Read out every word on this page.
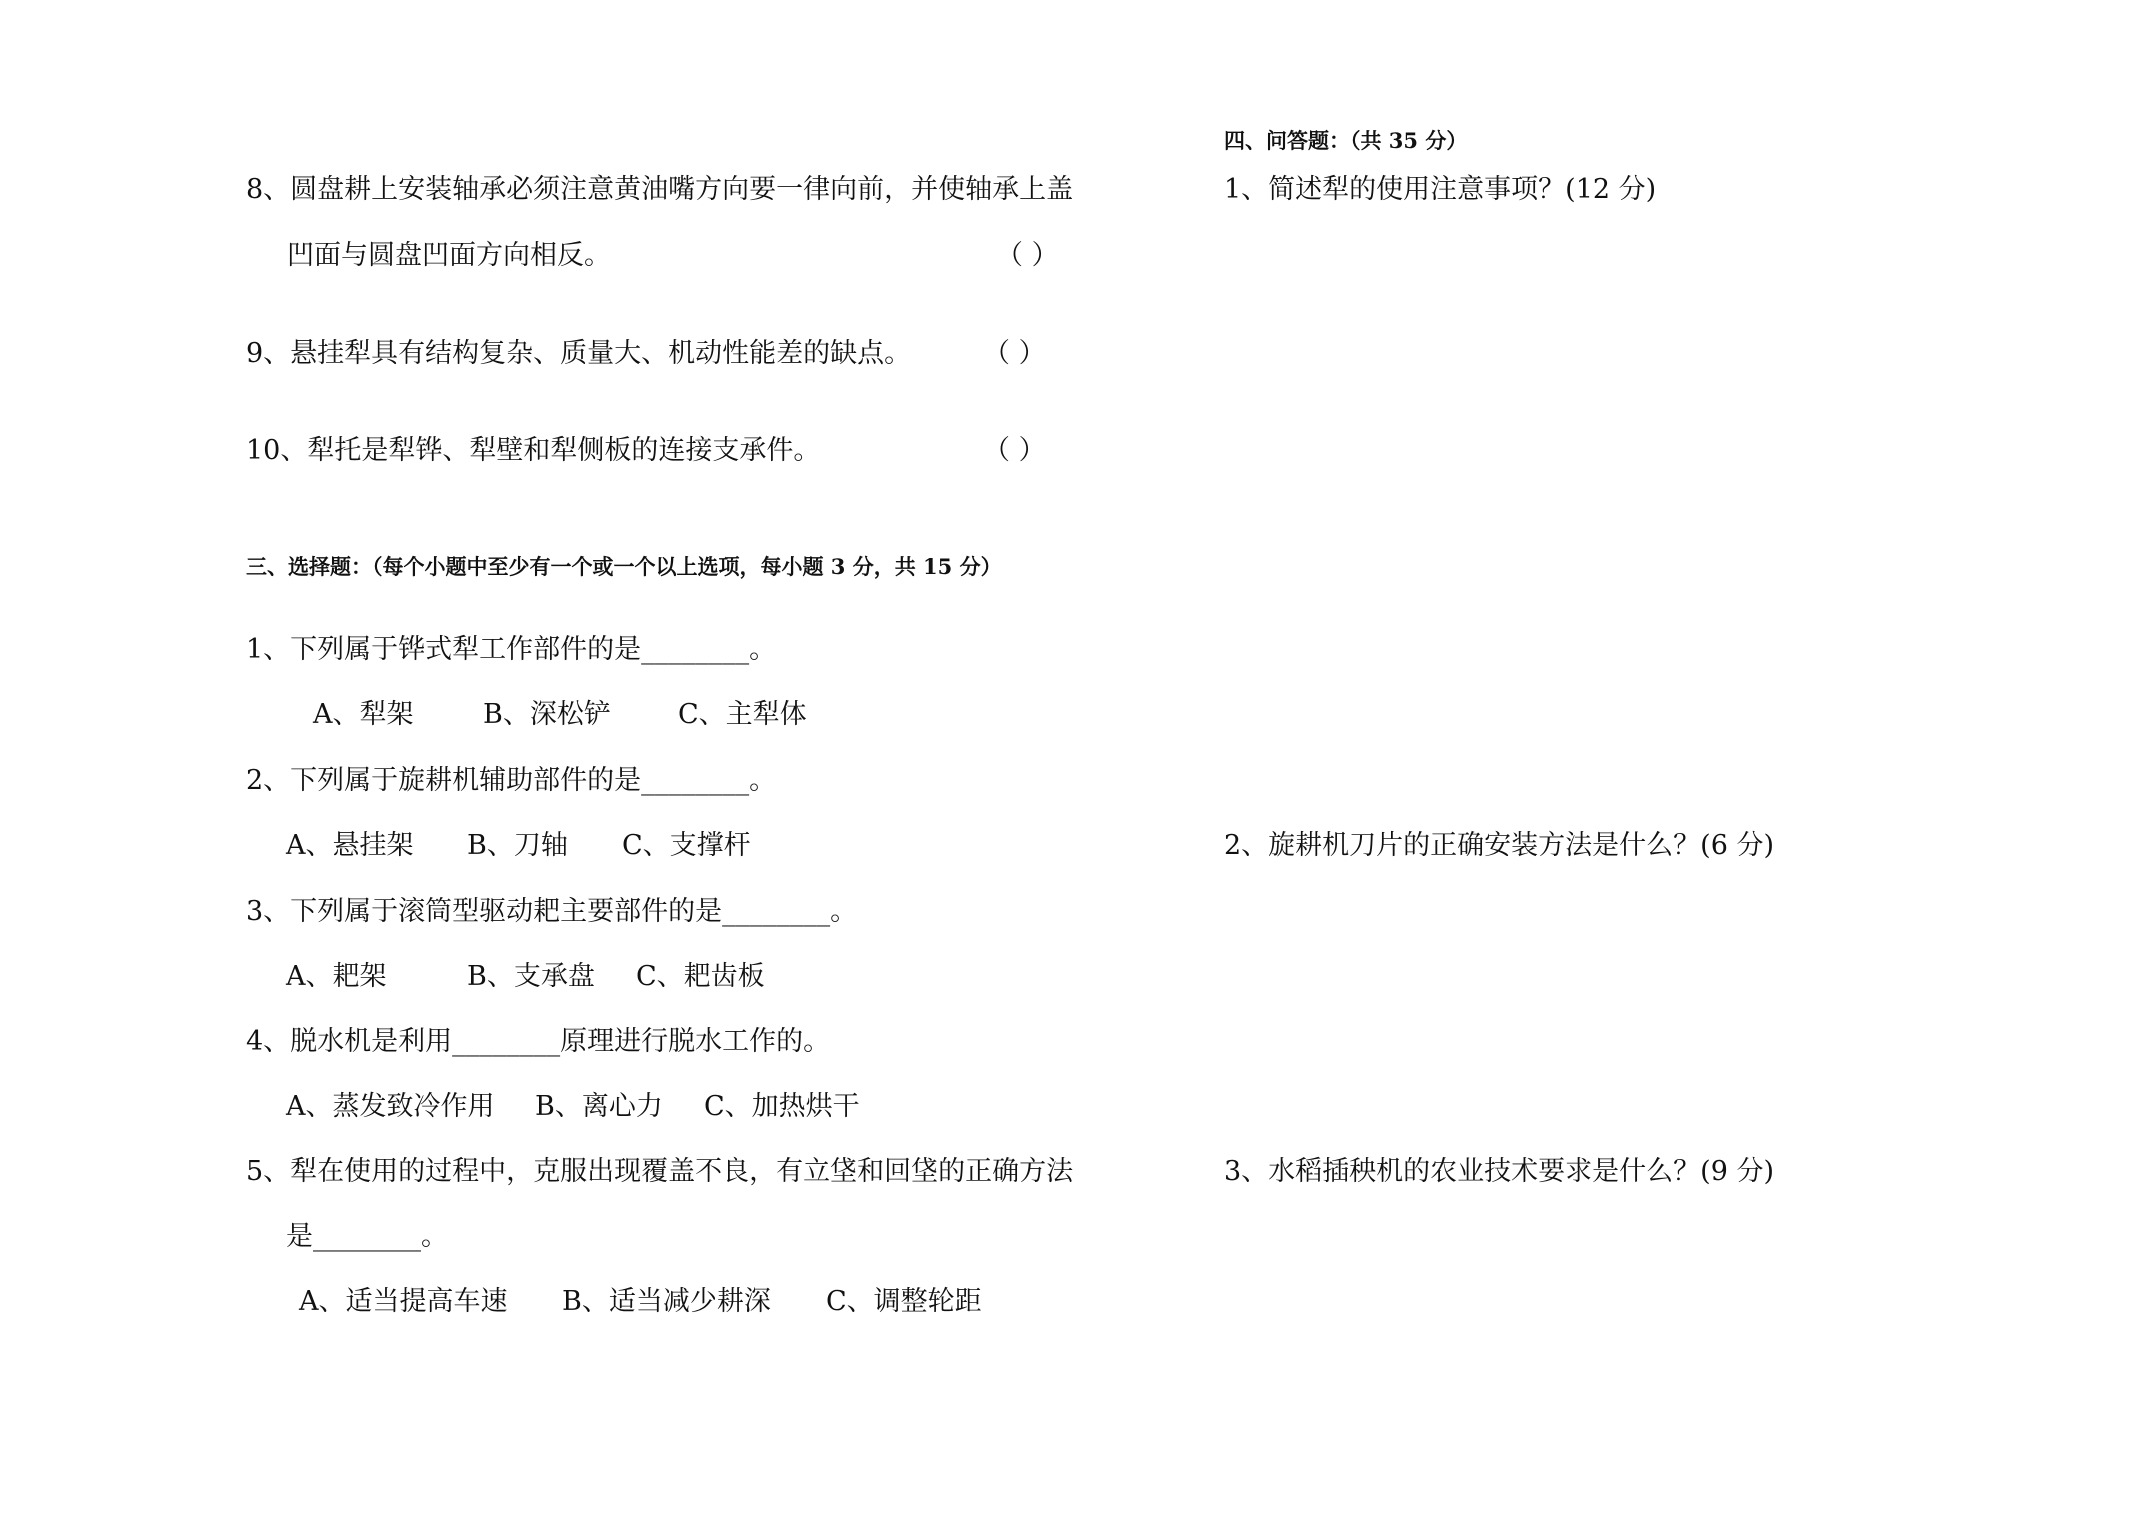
8、圆盘耕上安装轴承必须注意黄油嘴方向要一律向前，并使轴承上盖
凹面与圆盘凹面方向相反。	（ ）
9、悬挂犁具有结构复杂、质量大、机动性能差的缺点。	（ ）
10、犁托是犁铧、犁壁和犁侧板的连接支承件。	（ ）
三、选择题：（每个小题中至少有一个或一个以上选项，每小题 3 分，共 15 分）
1、下列属于铧式犁工作部件的是________。
A、犁架	B、深松铲 C、主犁体
2、下列属于旋耕机辅助部件的是________。
A、悬挂架 B、刀轴 C、支撑杆
3、下列属于滚筒型驱动耙主要部件的是________。
A、耙架	B、支承盘 C、耙齿板
4、脱水机是利用________原理进行脱水工作的。
A、蒸发致冷作用 B、离心力 C、加热烘干
5、犁在使用的过程中，克服出现覆盖不良，有立垡和回垡的正确方法
是________。
A、适当提高车速 B、适当减少耕深 C、调整轮距
四、问答题：（共 35 分）
1、简述犁的使用注意事项？(12 分)
2、旋耕机刀片的正确安装方法是什么？(6 分)
3、水稻插秧机的农业技术要求是什么？(9 分)
